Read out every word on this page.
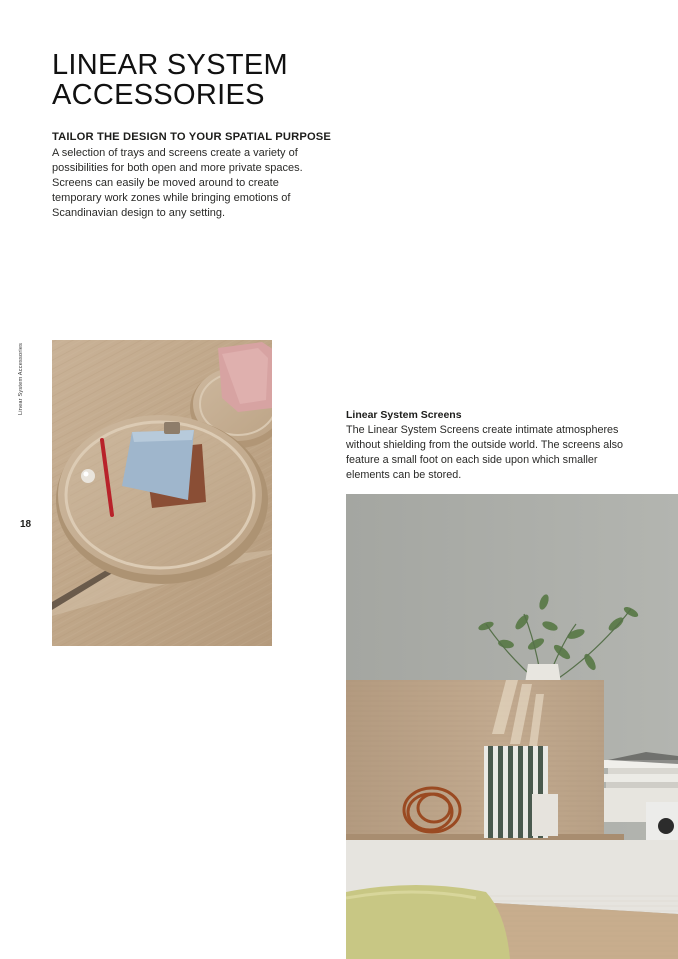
LINEAR SYSTEM
ACCESSORIES
TAILOR THE DESIGN TO YOUR SPATIAL PURPOSE

A selection of trays and screens create a variety of possibilities for both open and more private spaces. Screens can easily be moved around to create temporary work zones while bringing emotions of Scandinavian design to any setting.

Linear System Accessories
18
Linear System Screens

The Linear System Screens create intimate atmospheres without shielding from the outside world. The screens also feature a small foot on each side upon which smaller elements can be stored.
